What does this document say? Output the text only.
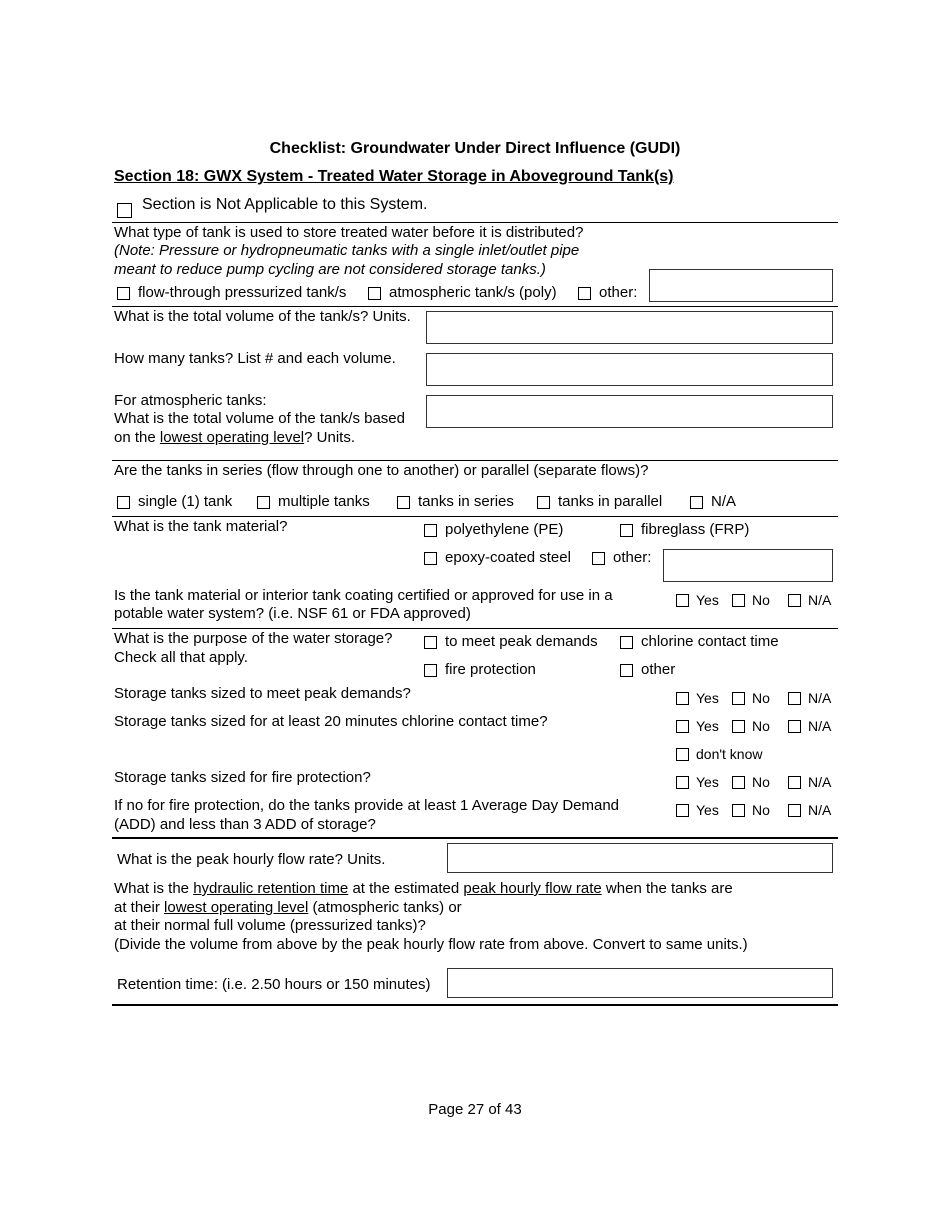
Checklist: Groundwater Under Direct Influence (GUDI)
Section 18: GWX System - Treated Water Storage in Aboveground Tank(s)
Section is Not Applicable to this System.
What type of tank is used to store treated water before it is distributed?
(Note: Pressure or hydropneumatic tanks with a single inlet/outlet pipe
meant to reduce pump cycling are not considered storage tanks.)
flow-through pressurized tank/s	atmospheric tank/s (poly)	other:
What is the total volume of the tank/s? Units.
How many tanks? List # and each volume.
For atmospheric tanks:
What is the total volume of the tank/s based
on the lowest operating level? Units.
Are the tanks in series (flow through one to another) or parallel (separate flows)?
single (1) tank	multiple tanks	tanks in series	tanks in parallel	N/A
What is the tank material?	polyethylene (PE)	fibreglass (FRP)
epoxy-coated steel	other:
Is the tank material or interior tank coating certified or approved for use in a
potable water system? (i.e. NSF 61 or FDA approved)
Yes No	N/A
What is the purpose of the water storage?
Check all that apply.
to meet peak demands	chlorine contact time
fire protection	other
Storage tanks sized to meet peak demands?	Yes No	N/A
Storage tanks sized for at least 20 minutes chlorine contact time?	Yes No	N/A
don't know
Storage tanks sized for fire protection?	Yes No	N/A
If no for fire protection, do the tanks provide at least 1 Average Day Demand
(ADD) and less than 3 ADD of storage?
Yes No	N/A
What is the peak hourly flow rate? Units.
What is the hydraulic retention time at the estimated peak hourly flow rate when the tanks are
at their lowest operating level (atmospheric tanks) or
at their normal full volume (pressurized tanks)?
(Divide the volume from above by the peak hourly flow rate from above. Convert to same units.)
Retention time: (i.e. 2.50 hours or 150 minutes)
Page 27 of 43
